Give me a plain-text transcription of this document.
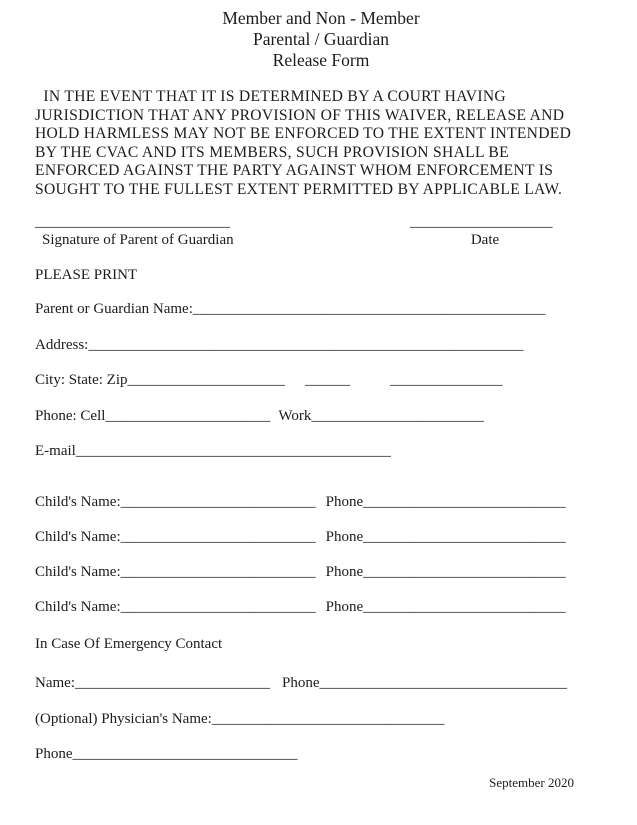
Member and Non - Member
Parental / Guardian
Release Form
IN THE EVENT THAT IT IS DETERMINED BY A COURT HAVING
JURISDICTION THAT ANY PROVISION OF THIS WAIVER, RELEASE AND
HOLD HARMLESS MAY NOT BE ENFORCED TO THE EXTENT INTENDED
BY THE CVAC AND ITS MEMBERS, SUCH PROVISION SHALL BE
ENFORCED AGAINST THE PARTY AGAINST WHOM ENFORCEMENT IS
SOUGHT TO THE FULLEST EXTENT PERMITTED BY APPLICABLE LAW.
__________________________	___________________
Signature of Parent of Guardian	Date
PLEASE PRINT
Parent or Guardian Name:_______________________________________________
Address:__________________________________________________________
City: State: Zip_____________________ ______	_______________
Phone: Cell______________________ Work_______________________
E-mail__________________________________________
Child's Name:__________________________ Phone___________________________
Child's Name:__________________________ Phone___________________________
Child's Name:__________________________ Phone___________________________
Child's Name:__________________________ Phone___________________________
In Case Of Emergency Contact
Name:__________________________ Phone_________________________________
(Optional) Physician's Name:_______________________________
Phone______________________________
September 2020
